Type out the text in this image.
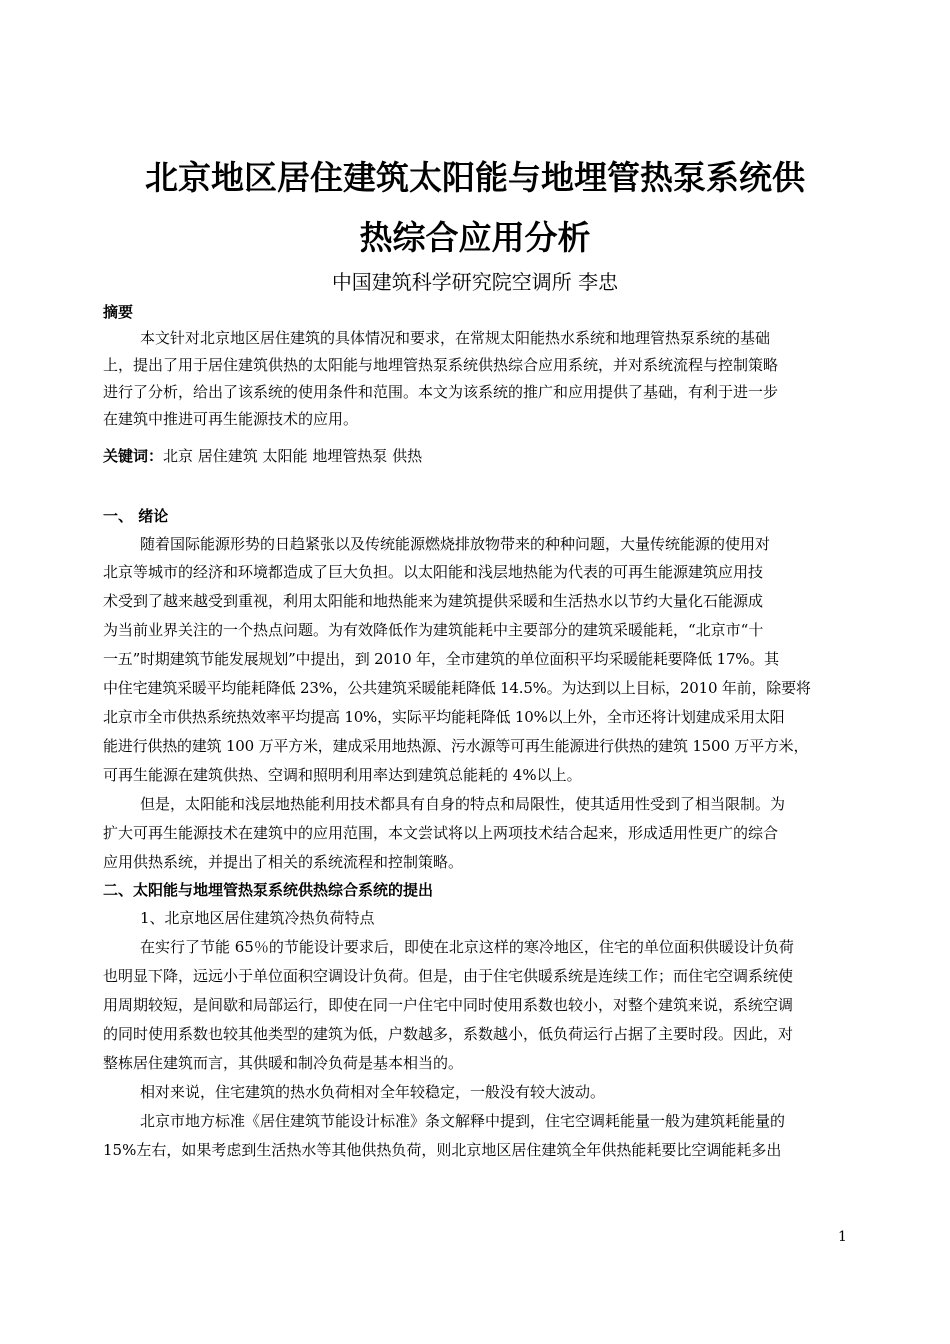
北京地区居住建筑太阳能与地埋管热泵系统供
热综合应用分析
中国建筑科学研究院空调所 李忠
摘要
本文针对北京地区居住建筑的具体情况和要求，在常规太阳能热水系统和地理管热泵系统的基础
上，提出了用于居住建筑供热的太阳能与地埋管热泵系统供热综合应用系统，并对系统流程与控制策略
进行了分析，给出了该系统的使用条件和范围。本文为该系统的推广和应用提供了基础，有利于进一步
在建筑中推进可再生能源技术的应用。
关键词：北京 居住建筑 太阳能 地埋管热泵 供热
一、 绪论
随着国际能源形势的日趋紧张以及传统能源燃烧排放物带来的种种问题，大量传统能源的使用对
北京等城市的经济和环境都造成了巨大负担。以太阳能和浅层地热能为代表的可再生能源建筑应用技
术受到了越来越受到重视，利用太阳能和地热能来为建筑提供采暖和生活热水以节约大量化石能源成
为当前业界关注的一个热点问题。为有效降低作为建筑能耗中主要部分的建筑采暖能耗，“北京市“十
一五”时期建筑节能发展规划”中提出，到 2010 年，全市建筑的单位面积平均采暖能耗要降低 17%。其
中住宅建筑采暖平均能耗降低 23%，公共建筑采暖能耗降低 14.5%。为达到以上目标，2010 年前，除要将
北京市全市供热系统热效率平均提高 10%，实际平均能耗降低 10%以上外，全市还将计划建成采用太阳
能进行供热的建筑 100 万平方米，建成采用地热源、污水源等可再生能源进行供热的建筑 1500 万平方米，
可再生能源在建筑供热、空调和照明利用率达到建筑总能耗的 4%以上。
但是，太阳能和浅层地热能利用技术都具有自身的特点和局限性，使其适用性受到了相当限制。为
扩大可再生能源技术在建筑中的应用范围，本文尝试将以上两项技术结合起来，形成适用性更广的综合
应用供热系统，并提出了相关的系统流程和控制策略。
二、太阳能与地埋管热泵系统供热综合系统的提出
1、北京地区居住建筑冷热负荷特点
在实行了节能 65％的节能设计要求后，即使在北京这样的寒冷地区，住宅的单位面积供暖设计负荷
也明显下降，远远小于单位面积空调设计负荷。但是，由于住宅供暖系统是连续工作；而住宅空调系统使
用周期较短，是间歇和局部运行，即使在同一户住宅中同时使用系数也较小，对整个建筑来说，系统空调
的同时使用系数也较其他类型的建筑为低，户数越多，系数越小，低负荷运行占据了主要时段。因此，对
整栋居住建筑而言，其供暖和制冷负荷是基本相当的。
相对来说，住宅建筑的热水负荷相对全年较稳定，一般没有较大波动。
北京市地方标准《居住建筑节能设计标准》条文解释中提到，住宅空调耗能量一般为建筑耗能量的
15%左右，如果考虑到生活热水等其他供热负荷，则北京地区居住建筑全年供热能耗要比空调能耗多出
1
